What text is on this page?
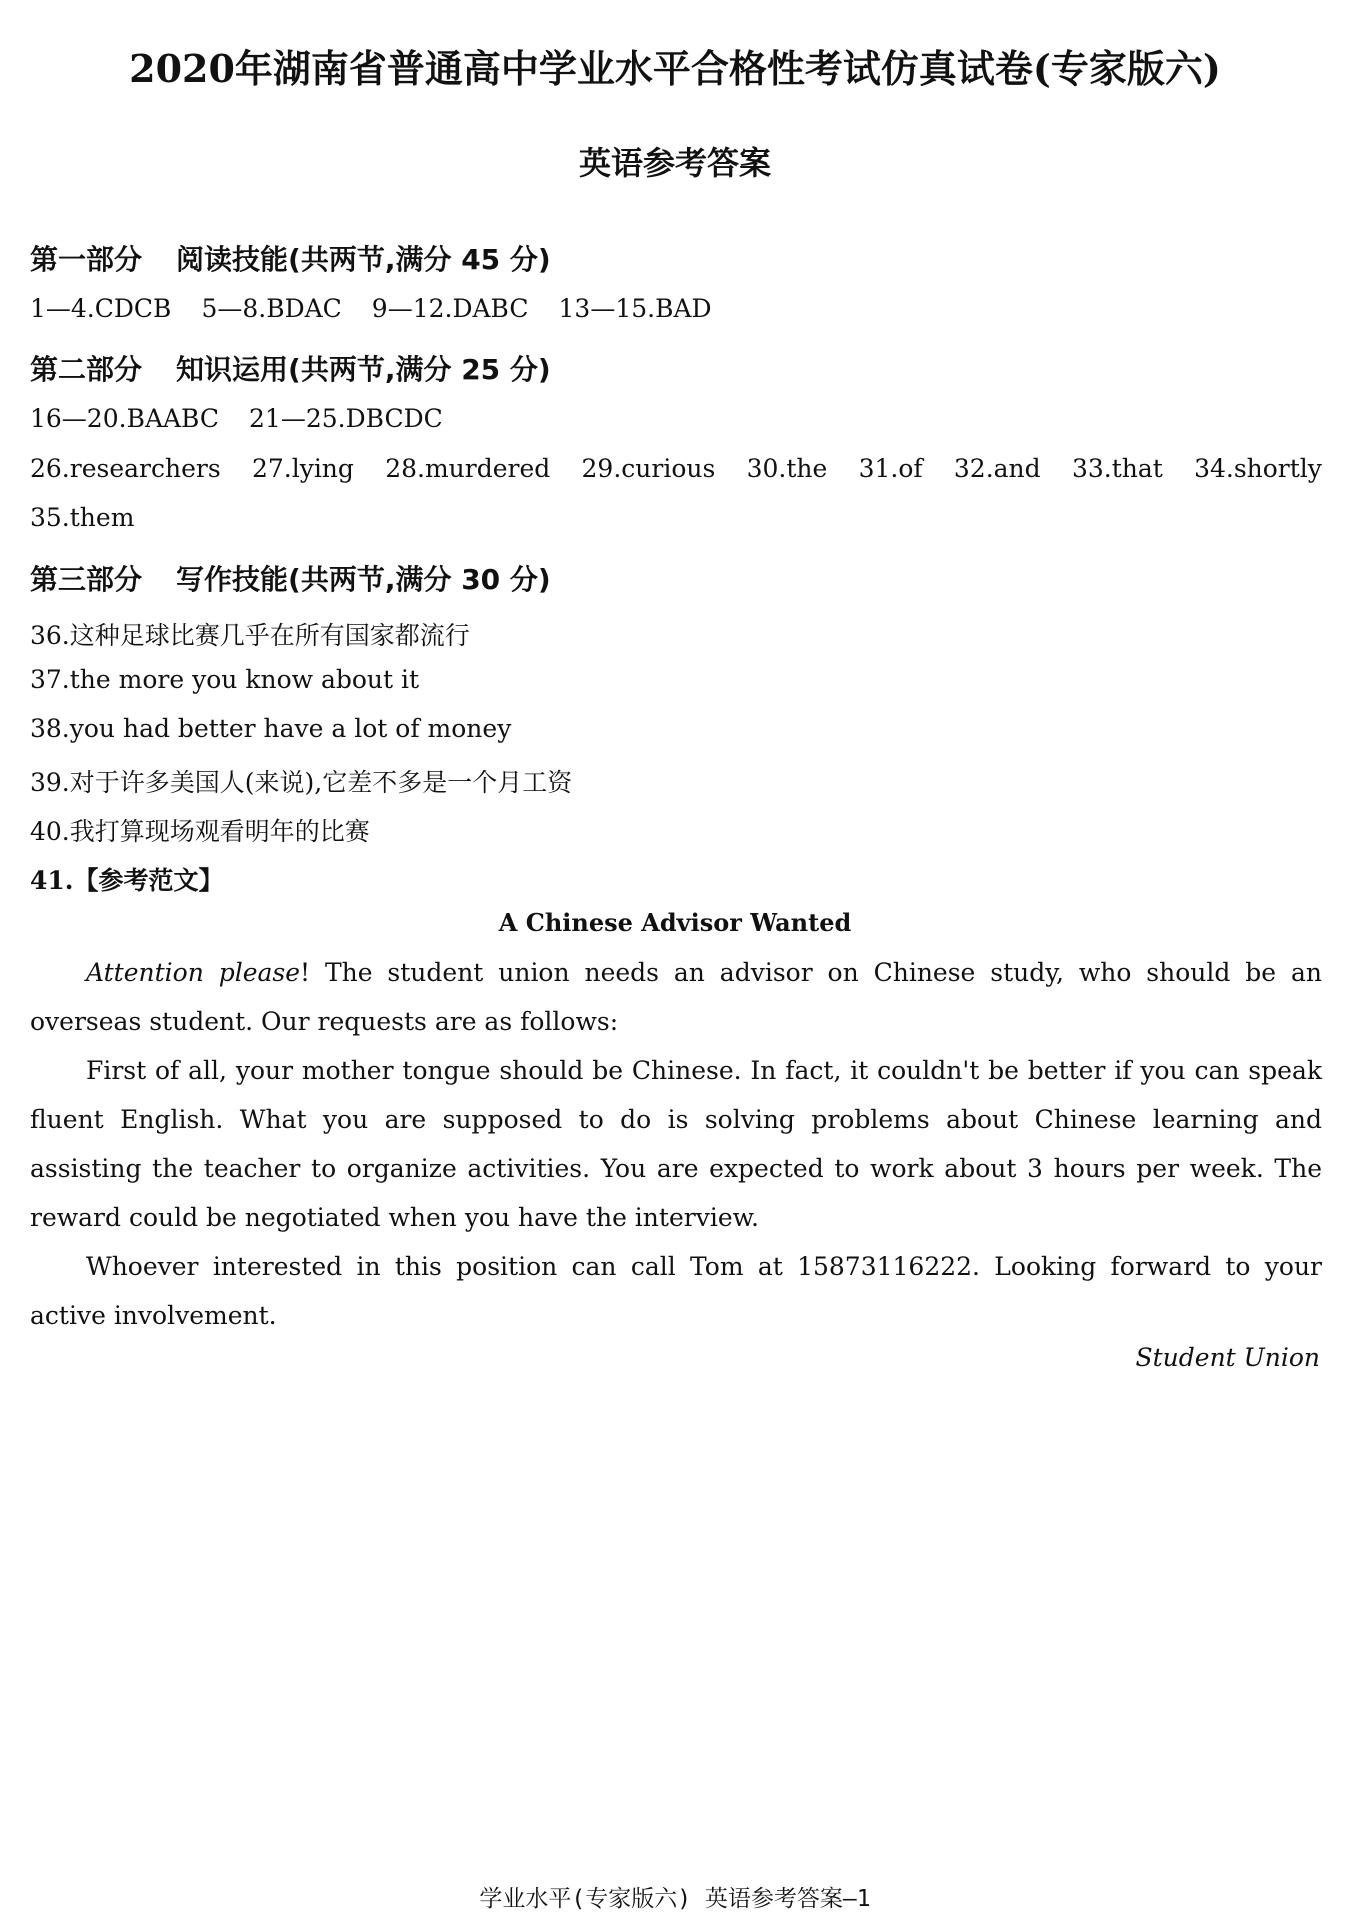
2020年湖南省普通高中学业水平合格性考试仿真试卷(专家版六)
英语参考答案
第一部分 阅读技能(共两节,满分 45 分)
1—4.CDCB 5—8.BDAC 9—12.DABC 13—15.BAD
第二部分 知识运用(共两节,满分 25 分)
16—20.BAABC 21—25.DBCDC
26.researchers 27.lying 28.murdered 29.curious 30.the 31.of 32.and 33.that 34.shortly
35.them
第三部分 写作技能(共两节,满分 30 分)
36.这种足球比赛几乎在所有国家都流行
37.the more you know about it
38.you had better have a lot of money
39.对于许多美国人(来说),它差不多是一个月工资
40.我打算现场观看明年的比赛
41.【参考范文】
A Chinese Advisor Wanted
Attention please! The student union needs an advisor on Chinese study, who should be an overseas student. Our requests are as follows:
First of all, your mother tongue should be Chinese. In fact, it couldn't be better if you can speak fluent English. What you are supposed to do is solving problems about Chinese learning and assisting the teacher to organize activities. You are expected to work about 3 hours per week. The reward could be negotiated when you have the interview.
Whoever interested in this position can call Tom at 15873116222. Looking forward to your active involvement.
Student Union
学业水平(专家版六) 英语参考答案—1
